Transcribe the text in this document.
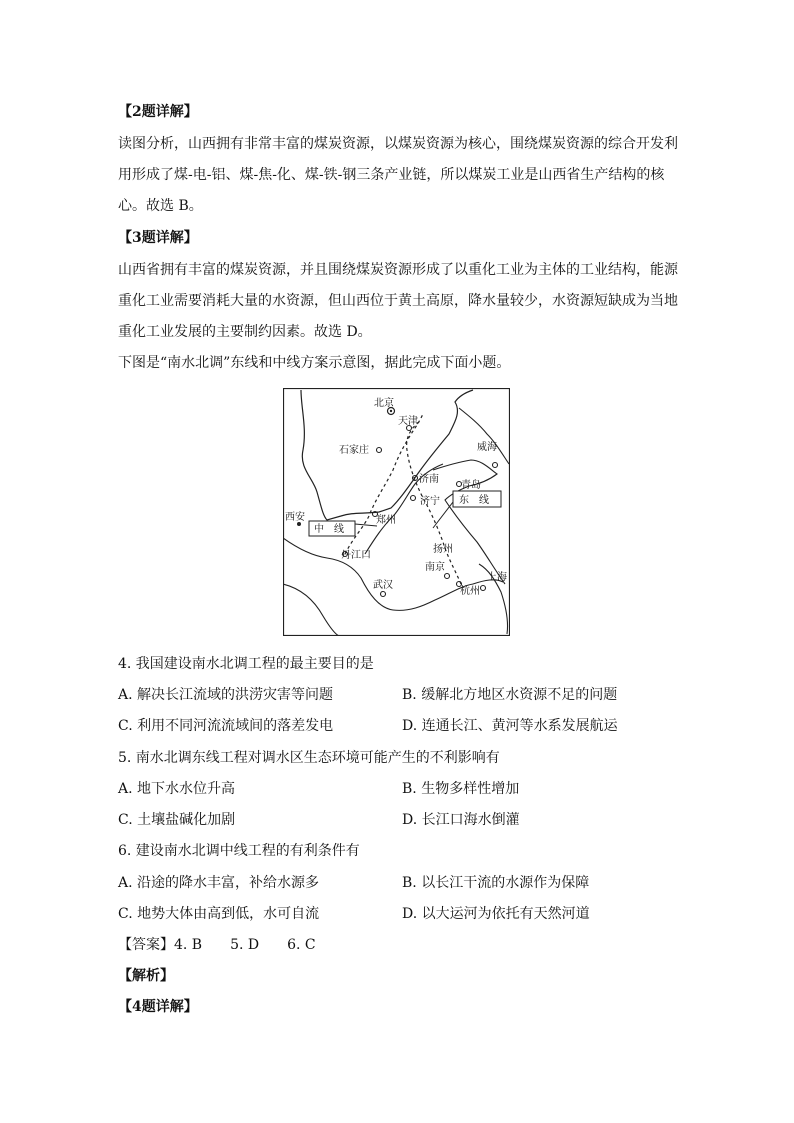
【2题详解】
读图分析，山西拥有非常丰富的煤炭资源，以煤炭资源为核心，围绕煤炭资源的综合开发利
用形成了煤-电-铝、煤-焦-化、煤-铁-钢三条产业链，所以煤炭工业是山西省生产结构的核
心。故选 B。
【3题详解】
山西省拥有丰富的煤炭资源，并且围绕煤炭资源形成了以重化工业为主体的工业结构，能源
重化工业需要消耗大量的水资源，但山西位于黄土高原，降水量较少，水资源短缺成为当地
重化工业发展的主要制约因素。故选 D。
下图是“南水北调”东线和中线方案示意图，据此完成下面小题。
北京
天津
石家庄	威海
济南
青岛
济宁
西安	郑州
丹江口
扬州
南京
武汉
杭州
上海
中　线
东　线
4. 我国建设南水北调工程的最主要目的是
A. 解决长江流域的洪涝灾害等问题	B. 缓解北方地区水资源不足的问题
C. 利用不同河流流域间的落差发电	D. 连通长江、黄河等水系发展航运
5. 南水北调东线工程对调水区生态环境可能产生的不利影响有
A. 地下水水位升高	B. 生物多样性增加
C. 土壤盐碱化加剧	D. 长江口海水倒灌
6. 建设南水北调中线工程的有利条件有
A. 沿途的降水丰富，补给水源多	B. 以长江干流的水源作为保障
C. 地势大体由高到低，水可自流	D. 以大运河为依托有天然河道
【答案】4. B　　5. D　　6. C
【解析】
【4题详解】
